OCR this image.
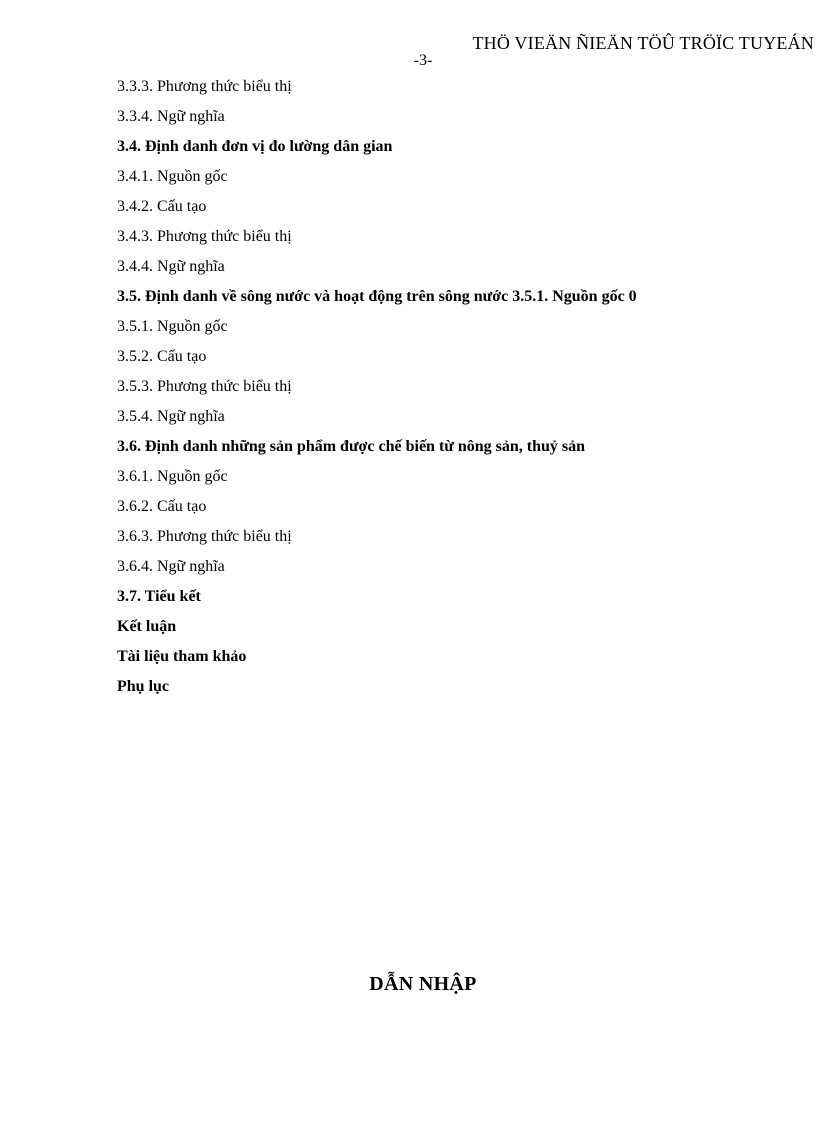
THÖ VIEÄN ÑIEÄN TÖÛ TRÖÏC TUYEÁN
-3-
3.3.3. Phương thức biểu thị
3.3.4. Ngữ nghĩa
3.4. Định danh đơn vị đo lường dân gian
3.4.1. Nguồn gốc
3.4.2. Cấu tạo
3.4.3. Phương thức biểu thị
3.4.4. Ngữ nghĩa
3.5. Định danh về sông nước và hoạt động trên sông nước 3.5.1. Nguồn gốc 0
3.5.1. Nguồn gốc
3.5.2. Cấu tạo
3.5.3. Phương thức biểu thị
3.5.4. Ngữ nghĩa
3.6. Định danh những sản phẩm được chế biến từ nông sản, thuỷ sản
3.6.1. Nguồn gốc
3.6.2. Cấu tạo
3.6.3. Phương thức biểu thị
3.6.4. Ngữ nghĩa
3.7. Tiểu kết
Kết luận
Tài liệu tham khảo
Phụ lục
DẪN NHẬP
